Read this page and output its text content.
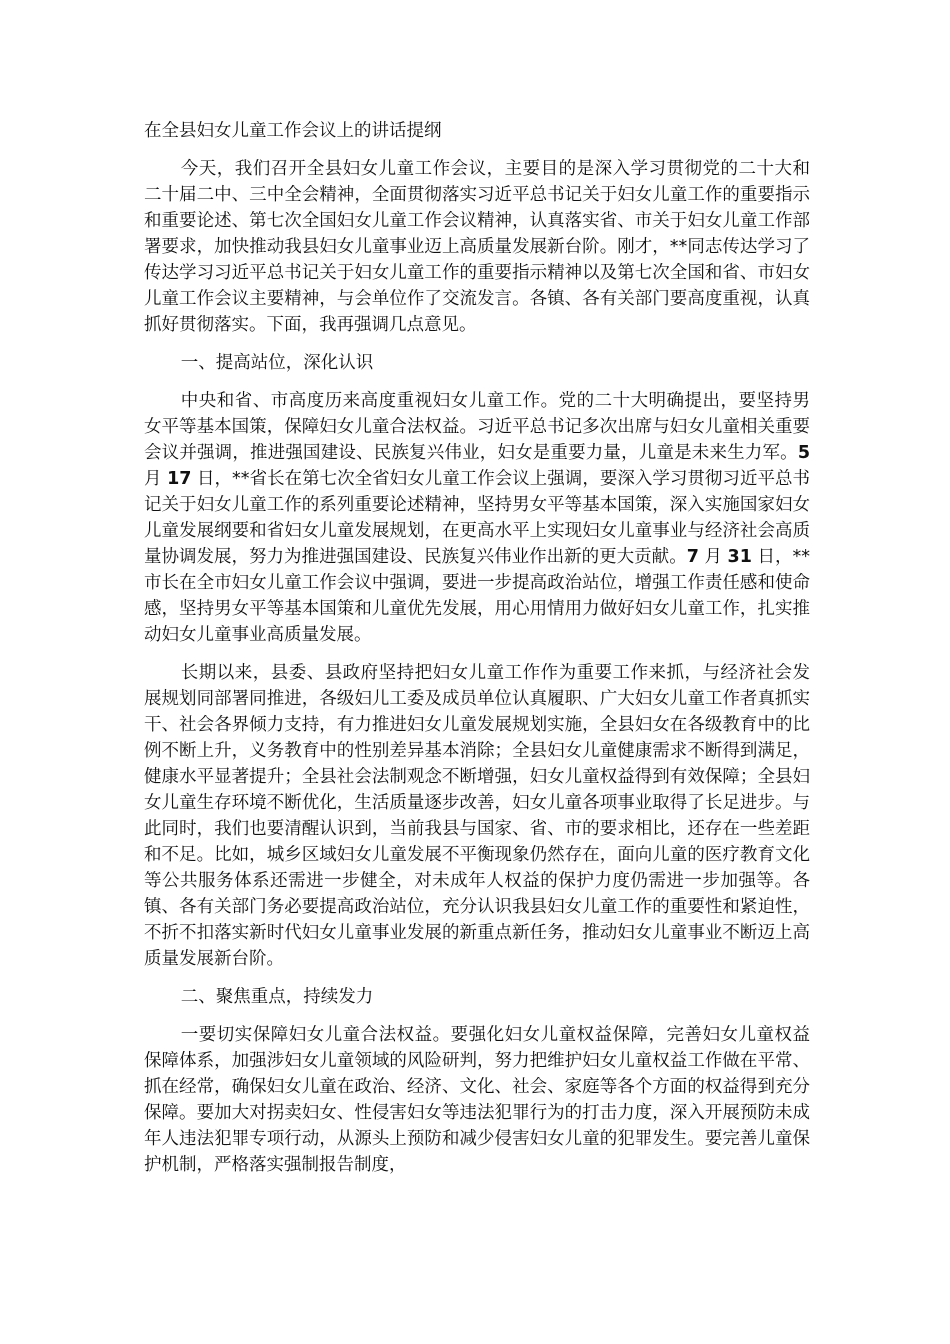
在全县妇女儿童工作会议上的讲话提纲

今天，我们召开全县妇女儿童工作会议，主要目的是深入学习贯彻党的二十大和二十届二中、三中全会精神，全面贯彻落实习近平总书记关于妇女儿童工作的重要指示和重要论述、第七次全国妇女儿童工作会议精神，认真落实省、市关于妇女儿童工作部署要求，加快推动我县妇女儿童事业迈上高质量发展新台阶。刚才，**同志传达学习了传达学习习近平总书记关于妇女儿童工作的重要指示精神以及第七次全国和省、市妇女儿童工作会议主要精神，与会单位作了交流发言。各镇、各有关部门要高度重视，认真抓好贯彻落实。下面，我再强调几点意见。

一、提高站位，深化认识

中央和省、市高度历来高度重视妇女儿童工作。党的二十大明确提出，要坚持男女平等基本国策，保障妇女儿童合法权益。习近平总书记多次出席与妇女儿童相关重要会议并强调，推进强国建设、民族复兴伟业，妇女是重要力量，儿童是未来生力军。5 月 17 日，**省长在第七次全省妇女儿童工作会议上强调，要深入学习贯彻习近平总书记关于妇女儿童工作的系列重要论述精神，坚持男女平等基本国策，深入实施国家妇女儿童发展纲要和省妇女儿童发展规划，在更高水平上实现妇女儿童事业与经济社会高质量协调发展，努力为推进强国建设、民族复兴伟业作出新的更大贡献。7 月 31 日，**市长在全市妇女儿童工作会议中强调，要进一步提高政治站位，增强工作责任感和使命感，坚持男女平等基本国策和儿童优先发展，用心用情用力做好妇女儿童工作，扎实推动妇女儿童事业高质量发展。

长期以来，县委、县政府坚持把妇女儿童工作作为重要工作来抓，与经济社会发展规划同部署同推进，各级妇儿工委及成员单位认真履职、广大妇女儿童工作者真抓实干、社会各界倾力支持，有力推进妇女儿童发展规划实施，全县妇女在各级教育中的比例不断上升，义务教育中的性别差异基本消除；全县妇女儿童健康需求不断得到满足，健康水平显著提升；全县社会法制观念不断增强，妇女儿童权益得到有效保障；全县妇女儿童生存环境不断优化，生活质量逐步改善，妇女儿童各项事业取得了长足进步。与此同时，我们也要清醒认识到，当前我县与国家、省、市的要求相比，还存在一些差距和不足。比如，城乡区域妇女儿童发展不平衡现象仍然存在，面向儿童的医疗教育文化等公共服务体系还需进一步健全，对未成年人权益的保护力度仍需进一步加强等。各镇、各有关部门务必要提高政治站位，充分认识我县妇女儿童工作的重要性和紧迫性，不折不扣落实新时代妇女儿童事业发展的新重点新任务，推动妇女儿童事业不断迈上高质量发展新台阶。

二、聚焦重点，持续发力

一要切实保障妇女儿童合法权益。要强化妇女儿童权益保障，完善妇女儿童权益保障体系，加强涉妇女儿童领域的风险研判，努力把维护妇女儿童权益工作做在平常、抓在经常，确保妇女儿童在政治、经济、文化、社会、家庭等各个方面的权益得到充分保障。要加大对拐卖妇女、性侵害妇女等违法犯罪行为的打击力度，深入开展预防未成年人违法犯罪专项行动，从源头上预防和减少侵害妇女儿童的犯罪发生。要完善儿童保护机制，严格落实强制报告制度，
